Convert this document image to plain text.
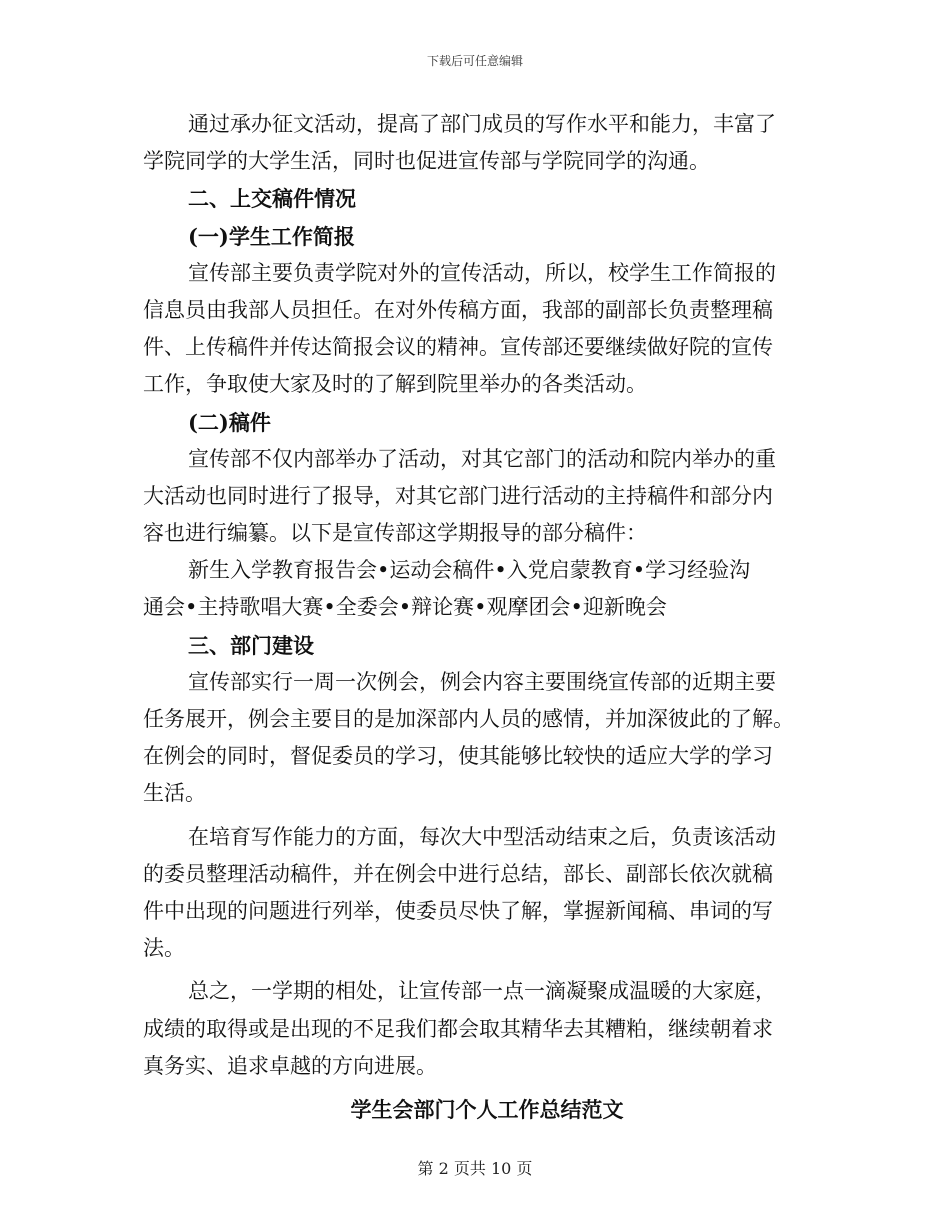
下载后可任意编辑
通过承办征文活动，提高了部门成员的写作水平和能力，丰富了
学院同学的大学生活，同时也促进宣传部与学院同学的沟通。
二、上交稿件情况
(一)学生工作简报
宣传部主要负责学院对外的宣传活动，所以，校学生工作简报的
信息员由我部人员担任。在对外传稿方面，我部的副部长负责整理稿
件、上传稿件并传达简报会议的精神。宣传部还要继续做好院的宣传
工作，争取使大家及时的了解到院里举办的各类活动。
(二)稿件
宣传部不仅内部举办了活动，对其它部门的活动和院内举办的重
大活动也同时进行了报导，对其它部门进行活动的主持稿件和部分内
容也进行编纂。以下是宣传部这学期报导的部分稿件：
新生入学教育报告会•运动会稿件•入党启蒙教育•学习经验沟
通会•主持歌唱大赛•全委会•辩论赛•观摩团会•迎新晚会
三、部门建设
宣传部实行一周一次例会，例会内容主要围绕宣传部的近期主要
任务展开，例会主要目的是加深部内人员的感情，并加深彼此的了解。
在例会的同时，督促委员的学习，使其能够比较快的适应大学的学习
生活。
在培育写作能力的方面，每次大中型活动结束之后，负责该活动
的委员整理活动稿件，并在例会中进行总结，部长、副部长依次就稿
件中出现的问题进行列举，使委员尽快了解，掌握新闻稿、串词的写
法。
总之，一学期的相处，让宣传部一点一滴凝聚成温暖的大家庭，
成绩的取得或是出现的不足我们都会取其精华去其糟粕，继续朝着求
真务实、追求卓越的方向进展。
学生会部门个人工作总结范文
第 2 页共 10 页
